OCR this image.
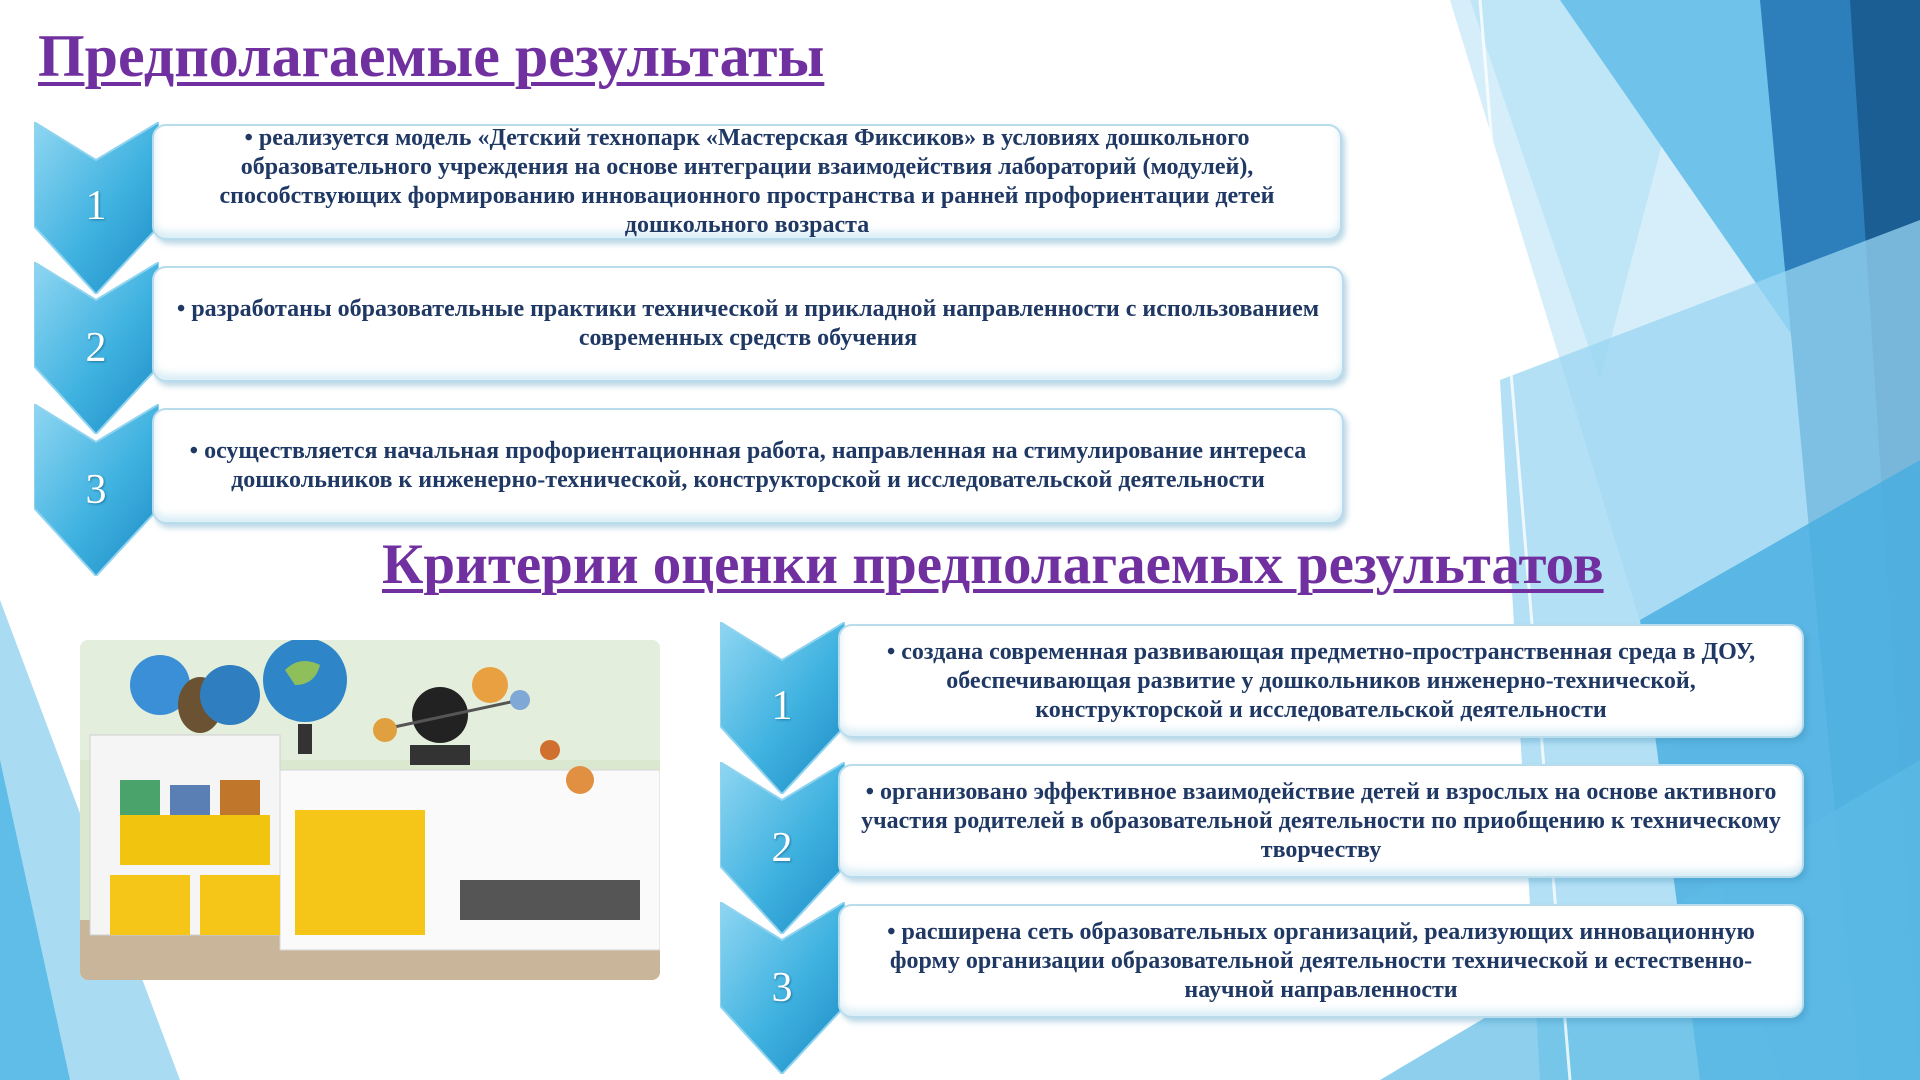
Предполагаемые результаты
1

• реализуется модель «Детский технопарк «Мастерская Фиксиков» в условиях дошкольного образовательного учреждения на основе интеграции взаимодействия лабораторий (модулей), способствующих формированию инновационного пространства и ранней профориентации детей дошкольного возраста

2

• разработаны образовательные практики технической и прикладной направленности с использованием современных средств обучения

3

• осуществляется начальная профориентационная работа, направленная на стимулирование интереса дошкольников к инженерно-технической, конструкторской и исследовательской деятельности

Критерии оценки предполагаемых результатов
1

• создана современная развивающая предметно-пространственная среда в ДОУ, обеспечивающая развитие у дошкольников инженерно-технической, конструкторской и исследовательской деятельности

2

• организовано эффективное взаимодействие детей и взрослых на основе активного участия родителей в образовательной деятельности по приобщению к техническому творчеству

3

• расширена сеть образовательных организаций, реализующих инновационную форму организации образовательной деятельности технической и естественно-научной направленности
